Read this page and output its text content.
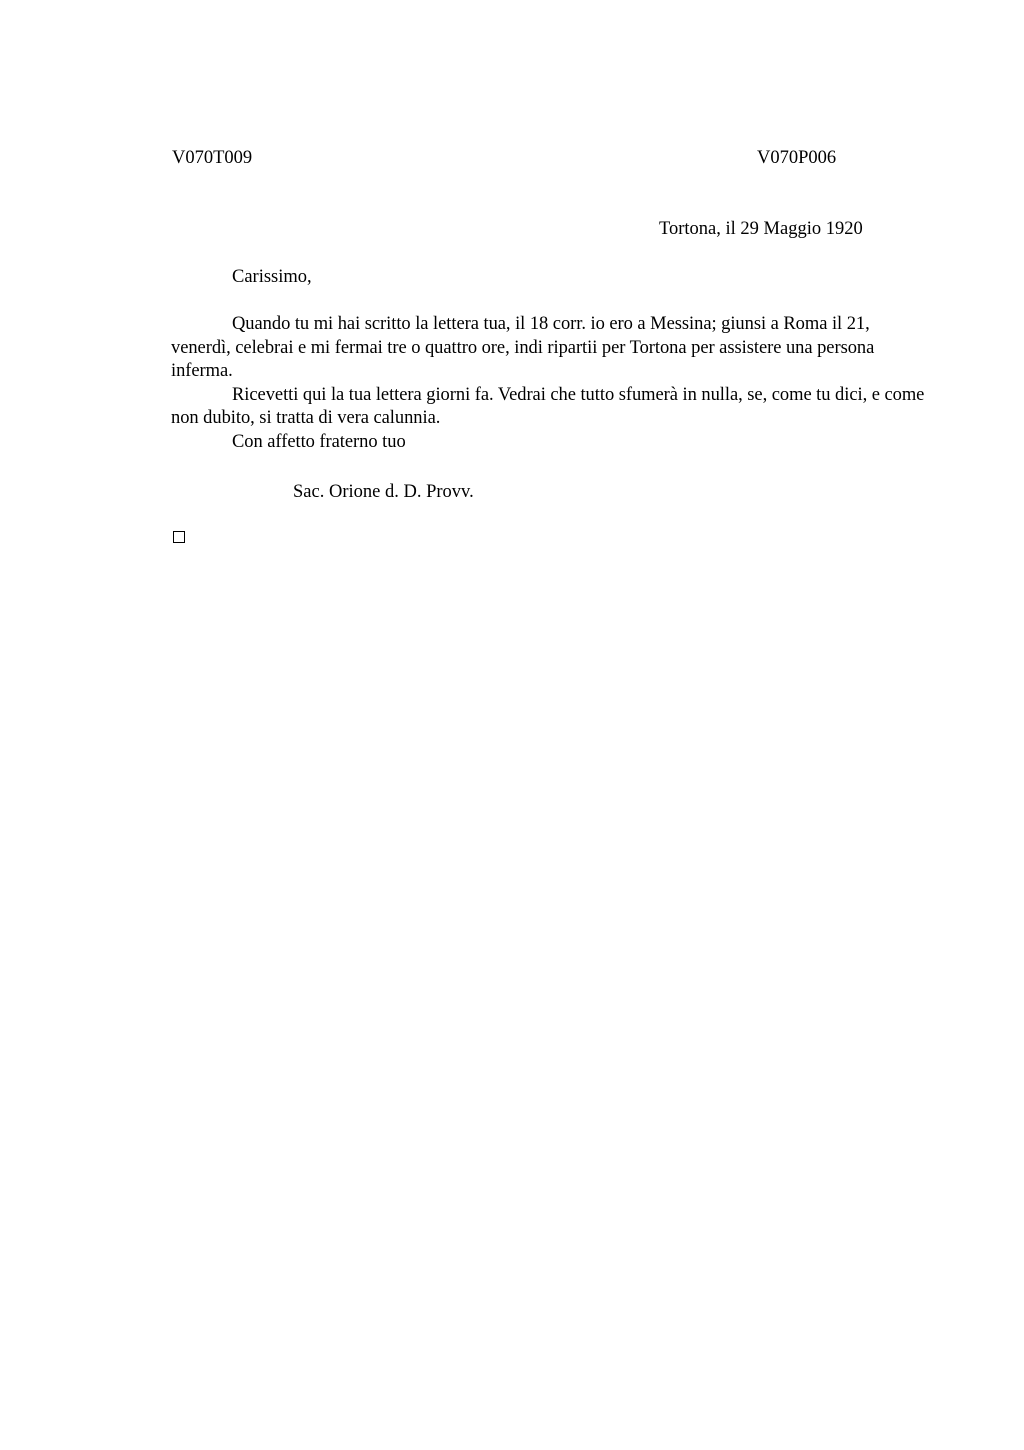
V070T009	V070P006
Tortona, il 29 Maggio 1920
Carissimo,

Quando tu mi hai scritto la lettera tua, il 18 corr. io ero a Messina; giunsi a Roma il 21, venerdì, celebrai e mi fermai tre o quattro ore, indi ripartii per Tortona per assistere una persona inferma.

Ricevetti qui la tua lettera giorni fa. Vedrai che tutto sfumerà in nulla, se, come tu dici, e come non dubito, si tratta di vera calunnia.

Con affetto fraterno tuo

Sac. Orione d. D. Provv.
